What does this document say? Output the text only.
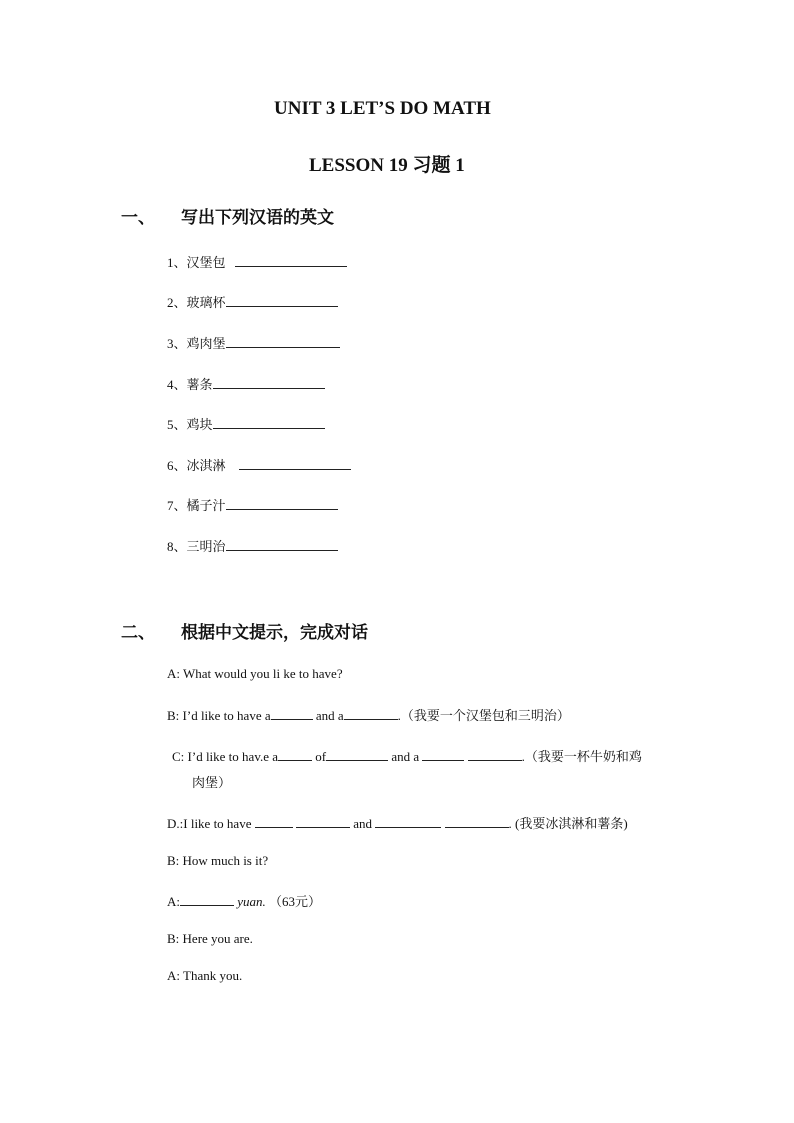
UNIT 3 LET’S DO MATH
LESSON 19 习题 1
一、 写出下列汉语的英文
1、汉堡包
2、玻璃杯
3、鸡肉堡
4、薯条
5、鸡块
6、冰淇淋
7、橘子汁
8、三明治
二、 根据中文提示，完成对话
A: What would you li ke to have?
B: I’d like to have a	and a	.（我要一个汉堡包和三明治）
C: I’d like to hav.e a	of	and a	.（我要一杯牛奶和鸡
肉堡）
D.:I like to have	and	. (我要冰淇淋和薯条)
B: How much is it?
A:	yuan. （63元）
B: Here you are.
A: Thank you.
